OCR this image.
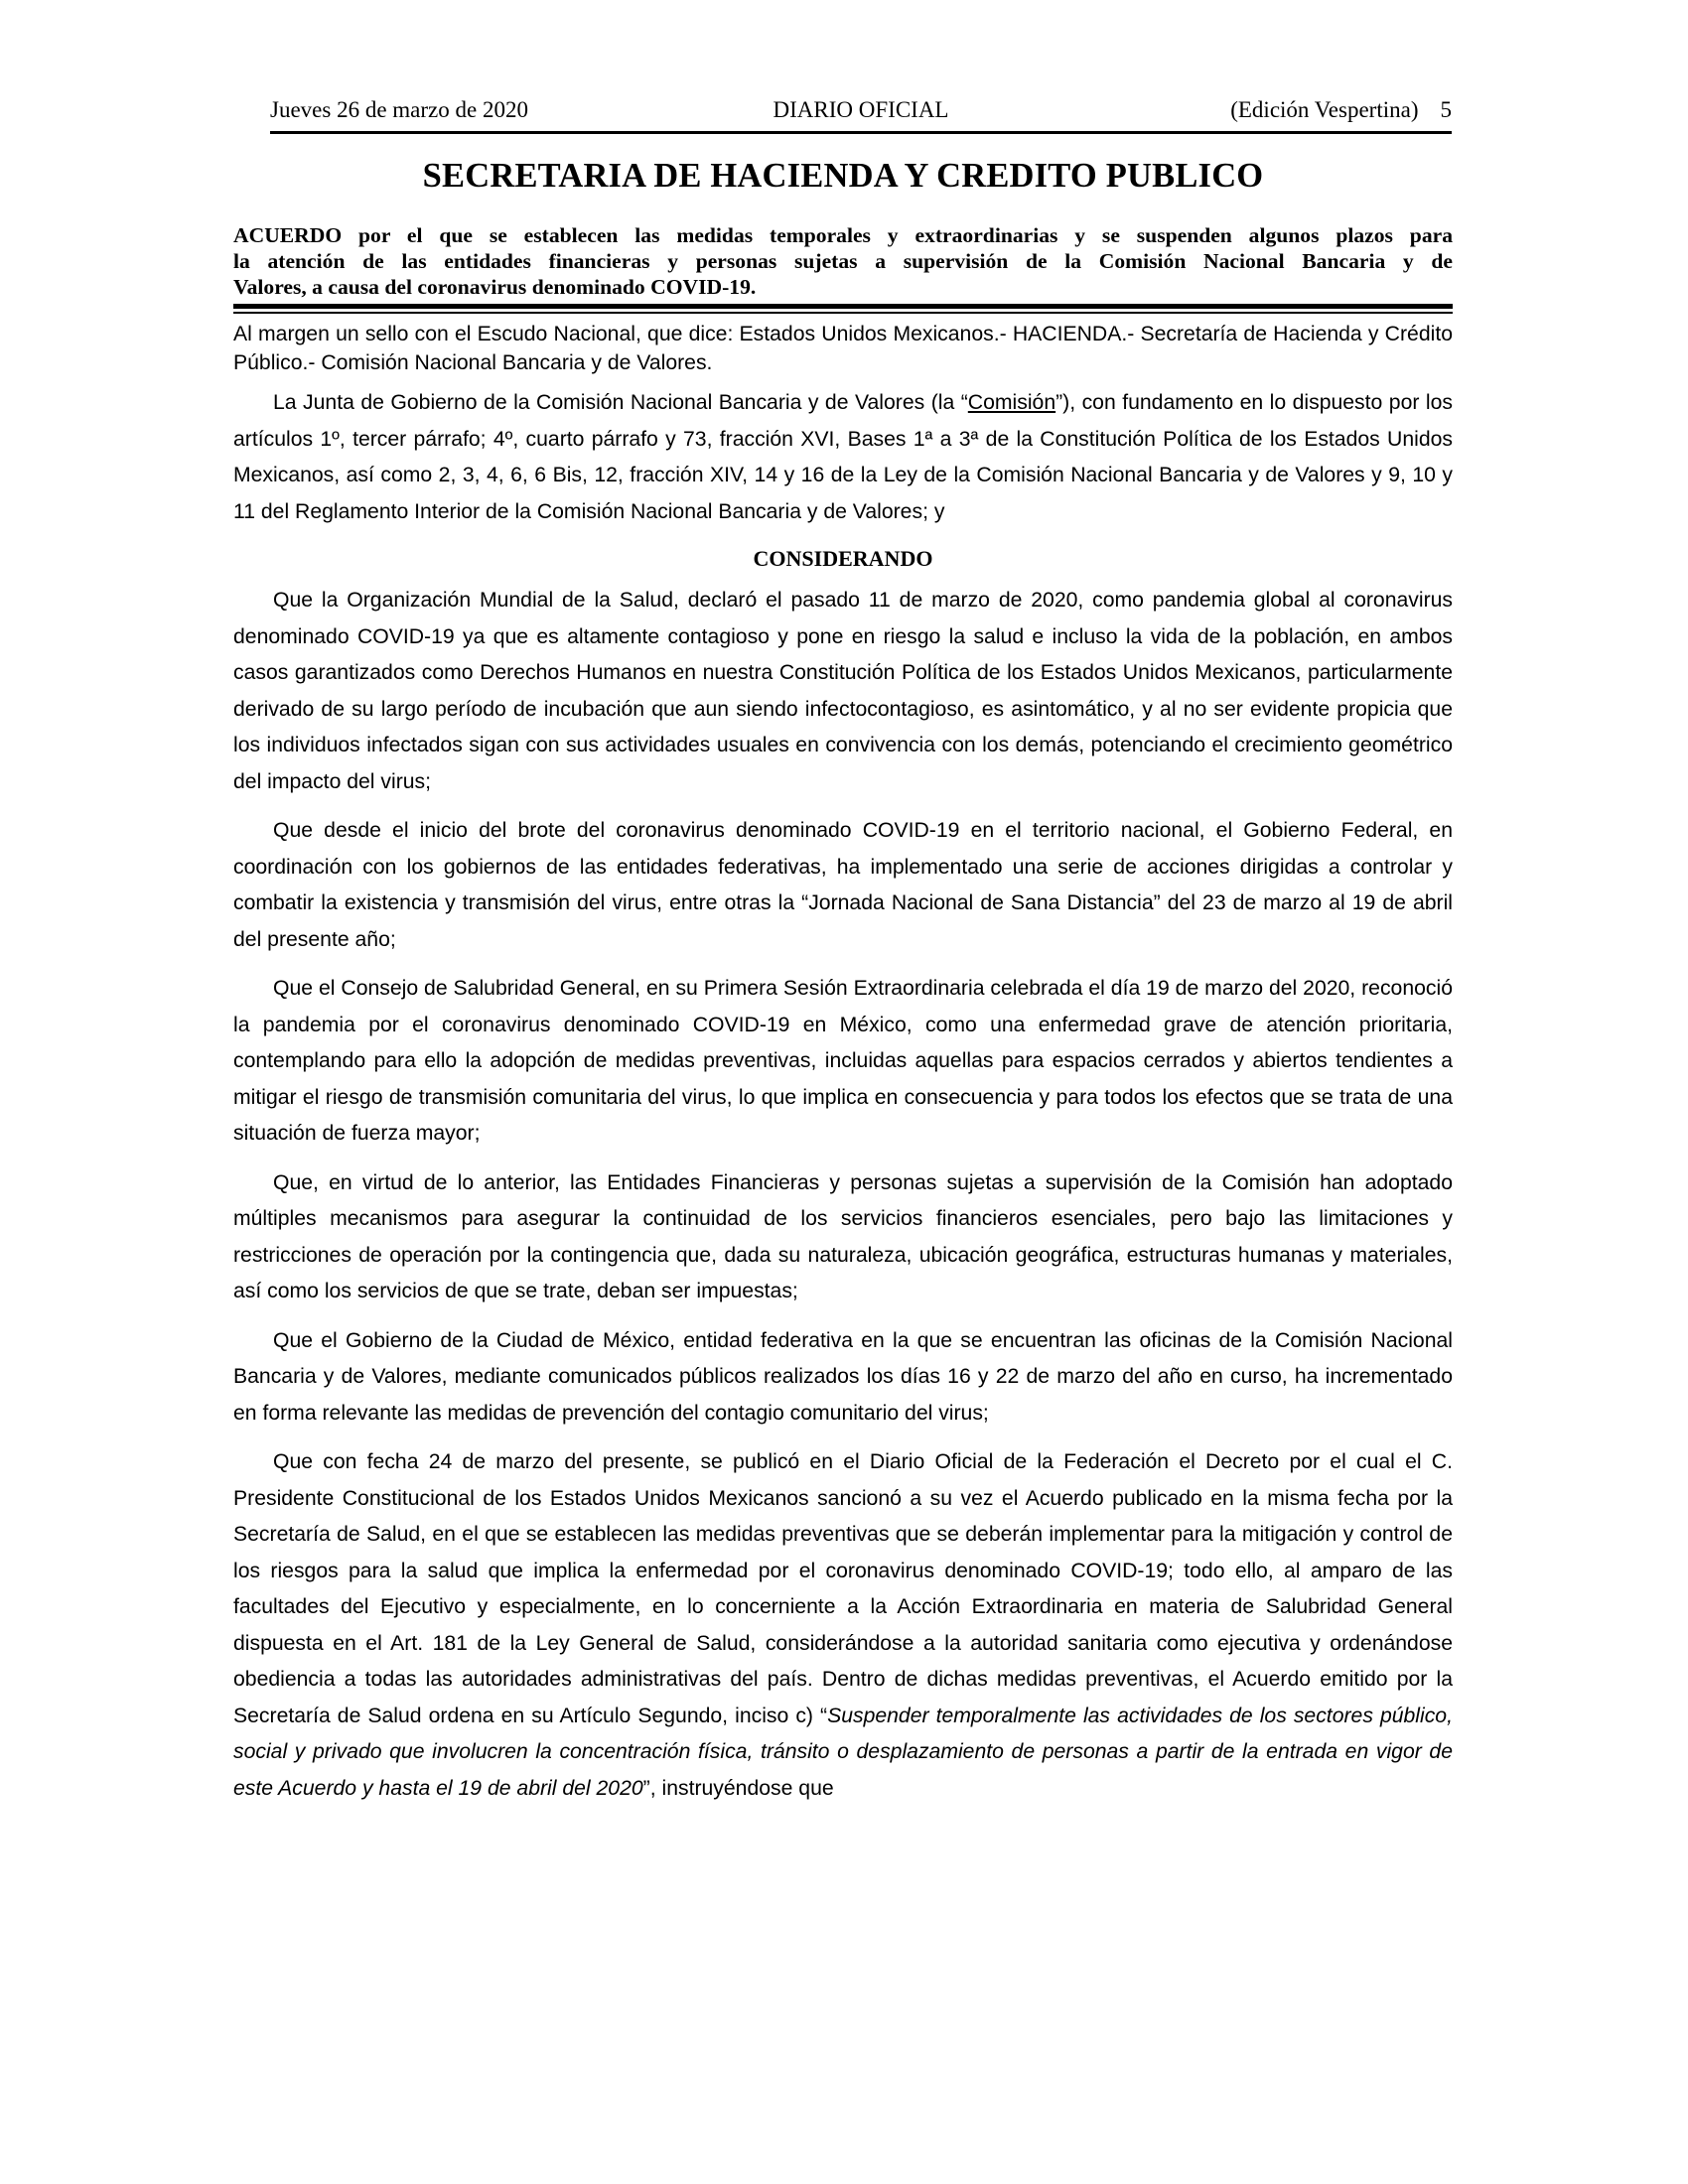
Jueves 26 de marzo de 2020	DIARIO OFICIAL	(Edición Vespertina) 5
SECRETARIA DE HACIENDA Y CREDITO PUBLICO
ACUERDO por el que se establecen las medidas temporales y extraordinarias y se suspenden algunos plazos para
la atención de las entidades financieras y personas sujetas a supervisión de la Comisión Nacional Bancaria y de
Valores, a causa del coronavirus denominado COVID-19.

Al margen un sello con el Escudo Nacional, que dice: Estados Unidos Mexicanos.- HACIENDA.- Secretaría de Hacienda y Crédito Público.- Comisión Nacional Bancaria y de Valores.

La Junta de Gobierno de la Comisión Nacional Bancaria y de Valores (la “Comisión”), con fundamento en lo dispuesto por los artículos 1º, tercer párrafo; 4º, cuarto párrafo y 73, fracción XVI, Bases 1ª a 3ª de la Constitución Política de los Estados Unidos Mexicanos, así como 2, 3, 4, 6, 6 Bis, 12, fracción XIV, 14 y 16 de la Ley de la Comisión Nacional Bancaria y de Valores y 9, 10 y 11 del Reglamento Interior de la Comisión Nacional Bancaria y de Valores; y

CONSIDERANDO

Que la Organización Mundial de la Salud, declaró el pasado 11 de marzo de 2020, como pandemia global al coronavirus denominado COVID-19 ya que es altamente contagioso y pone en riesgo la salud e incluso la vida de la población, en ambos casos garantizados como Derechos Humanos en nuestra Constitución Política de los Estados Unidos Mexicanos, particularmente derivado de su largo período de incubación que aun siendo infectocontagioso, es asintomático, y al no ser evidente propicia que los individuos infectados sigan con sus actividades usuales en convivencia con los demás, potenciando el crecimiento geométrico del impacto del virus;

Que desde el inicio del brote del coronavirus denominado COVID-19 en el territorio nacional, el Gobierno Federal, en coordinación con los gobiernos de las entidades federativas, ha implementado una serie de acciones dirigidas a controlar y combatir la existencia y transmisión del virus, entre otras la “Jornada Nacional de Sana Distancia” del 23 de marzo al 19 de abril del presente año;

Que el Consejo de Salubridad General, en su Primera Sesión Extraordinaria celebrada el día 19 de marzo del 2020, reconoció la pandemia por el coronavirus denominado COVID-19 en México, como una enfermedad grave de atención prioritaria, contemplando para ello la adopción de medidas preventivas, incluidas aquellas para espacios cerrados y abiertos tendientes a mitigar el riesgo de transmisión comunitaria del virus, lo que implica en consecuencia y para todos los efectos que se trata de una situación de fuerza mayor;

Que, en virtud de lo anterior, las Entidades Financieras y personas sujetas a supervisión de la Comisión han adoptado múltiples mecanismos para asegurar la continuidad de los servicios financieros esenciales, pero bajo las limitaciones y restricciones de operación por la contingencia que, dada su naturaleza, ubicación geográfica, estructuras humanas y materiales, así como los servicios de que se trate, deban ser impuestas;

Que el Gobierno de la Ciudad de México, entidad federativa en la que se encuentran las oficinas de la Comisión Nacional Bancaria y de Valores, mediante comunicados públicos realizados los días 16 y 22 de marzo del año en curso, ha incrementado en forma relevante las medidas de prevención del contagio comunitario del virus;

Que con fecha 24 de marzo del presente, se publicó en el Diario Oficial de la Federación el Decreto por el cual el C. Presidente Constitucional de los Estados Unidos Mexicanos sancionó a su vez el Acuerdo publicado en la misma fecha por la Secretaría de Salud, en el que se establecen las medidas preventivas que se deberán implementar para la mitigación y control de los riesgos para la salud que implica la enfermedad por el coronavirus denominado COVID-19; todo ello, al amparo de las facultades del Ejecutivo y especialmente, en lo concerniente a la Acción Extraordinaria en materia de Salubridad General dispuesta en el Art. 181 de la Ley General de Salud, considerándose a la autoridad sanitaria como ejecutiva y ordenándose obediencia a todas las autoridades administrativas del país. Dentro de dichas medidas preventivas, el Acuerdo emitido por la Secretaría de Salud ordena en su Artículo Segundo, inciso c) “Suspender temporalmente las actividades de los sectores público, social y privado que involucren la concentración física, tránsito o desplazamiento de personas a partir de la entrada en vigor de este Acuerdo y hasta el 19 de abril del 2020”, instruyéndose que
